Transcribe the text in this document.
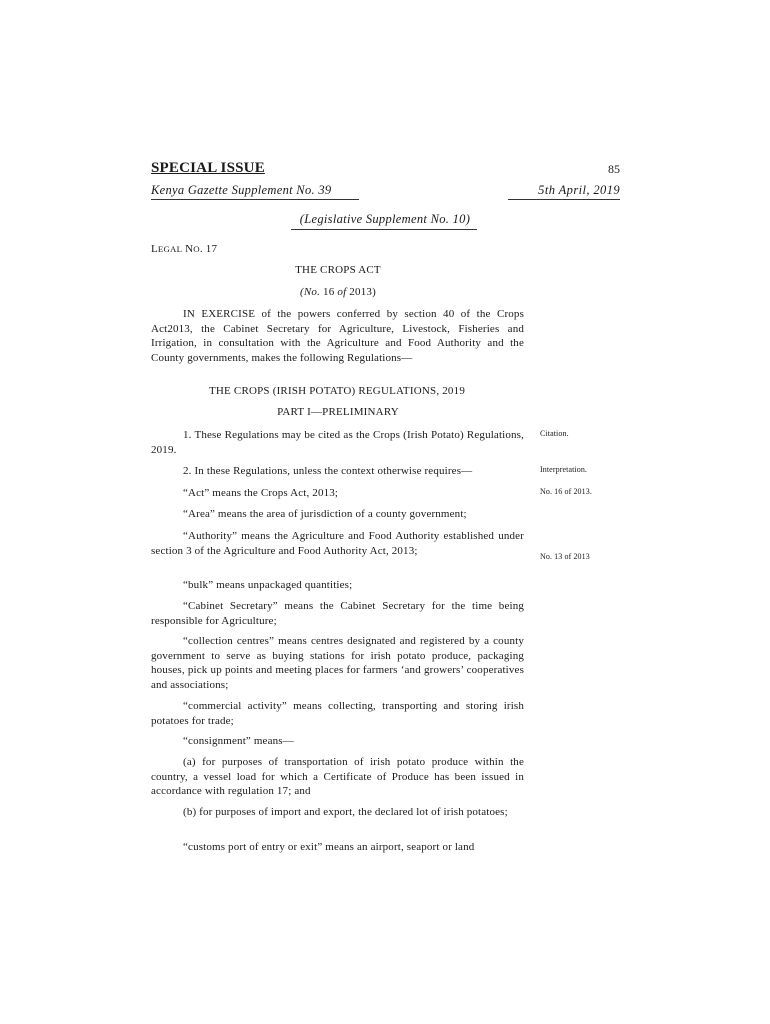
SPECIAL ISSUE	85
Kenya Gazette Supplement No. 39	5th April, 2019
(Legislative Supplement No. 10)
LEGAL NO. 17
THE CROPS ACT
(No. 16 of 2013)
IN EXERCISE of the powers conferred by section 40 of the Crops Act2013, the Cabinet Secretary for Agriculture, Livestock, Fisheries and Irrigation, in consultation with the Agriculture and Food Authority and the County governments, makes the following Regulations—
THE CROPS (IRISH POTATO) REGULATIONS, 2019
PART I—PRELIMINARY
1. These Regulations may be cited as the Crops (Irish Potato) Regulations, 2019.
2. In these Regulations, unless the context otherwise requires—
“Act” means the Crops Act, 2013;
“Area” means the area of jurisdiction of a county government;
“Authority” means the Agriculture and Food Authority established under section 3 of the Agriculture and Food Authority Act, 2013;
“bulk” means unpackaged quantities;
“Cabinet Secretary” means the Cabinet Secretary for the time being responsible for Agriculture;
“collection centres” means centres designated and registered by a county government to serve as buying stations for irish potato produce, packaging houses, pick up points and meeting places for farmers ‘and growers’ cooperatives and associations;
“commercial activity” means collecting, transporting and storing irish potatoes for trade;
“consignment” means—
(a) for purposes of transportation of irish potato produce within the country, a vessel load for which a Certificate of Produce has been issued in accordance with regulation 17; and
(b) for purposes of import and export, the declared lot of irish potatoes;
“customs port of entry or exit” means an airport, seaport or land
Citation.
Interpretation.
No. 16 of 2013.
No. 13 of 2013
